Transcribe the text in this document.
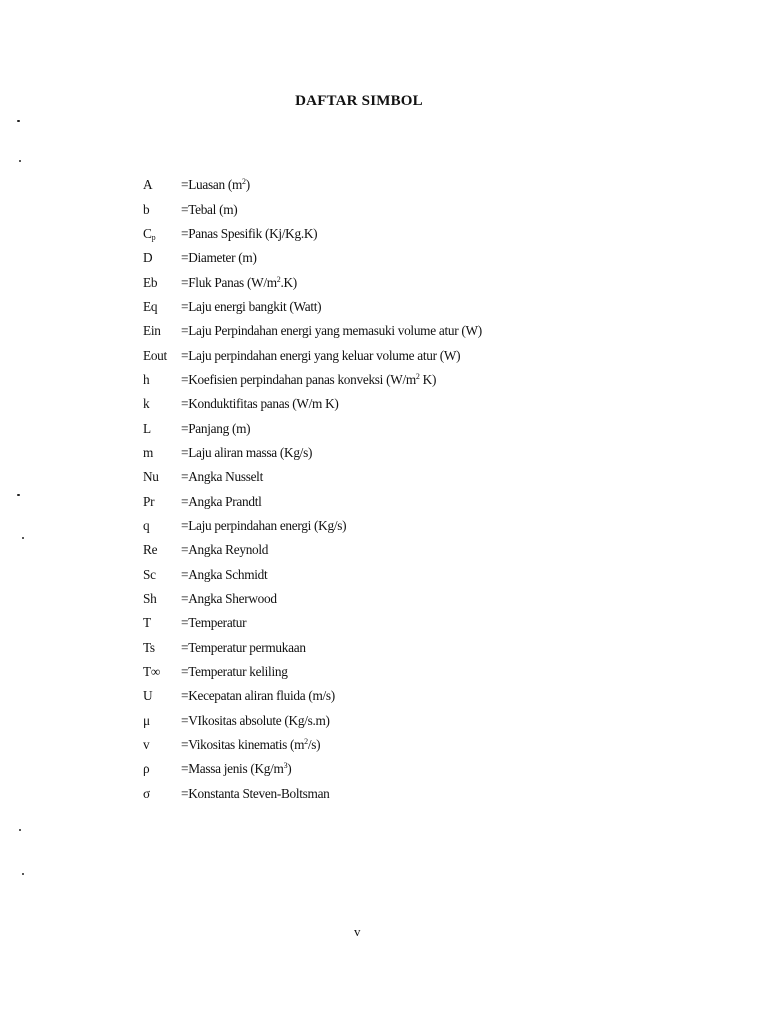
DAFTAR SIMBOL
A	=Luasan $(m^2)$
b	=Tebal (m)
$C_p$	=Panas Spesifik (Kj/Kg.K)
D	=Diameter (m)
Eb	=Fluk Panas $(W/m^2.K)$
Eq	=Laju energi bangkit (Watt)
Ein	=Laju Perpindahan energi yang memasuki volume atur (W)
Eout	=Laju perpindahan energi yang keluar volume atur (W)
h	=Koefisien perpindahan panas konveksi ($W/m^2$ K)
k	=Konduktifitas panas (W/m K)
L	=Panjang (m)
m	=Laju aliran massa (Kg/s)
Nu	=Angka Nusselt
Pr	=Angka Prandtl
q	=Laju perpindahan energi (Kg/s)
Re	=Angka Reynold
Sc	=Angka Schmidt
Sh	=Angka Sherwood
T	=Temperatur
Ts	=Temperatur permukaan
T∞	=Temperatur keliling
U	=Kecepatan aliran fluida (m/s)
μ	=VIkositas absolute (Kg/s.m)
v	=Vikositas kinematis $(m^2/s)$
ρ	=Massa jenis $(Kg/m^3)$
σ	=Konstanta Steven-Boltsman
v
